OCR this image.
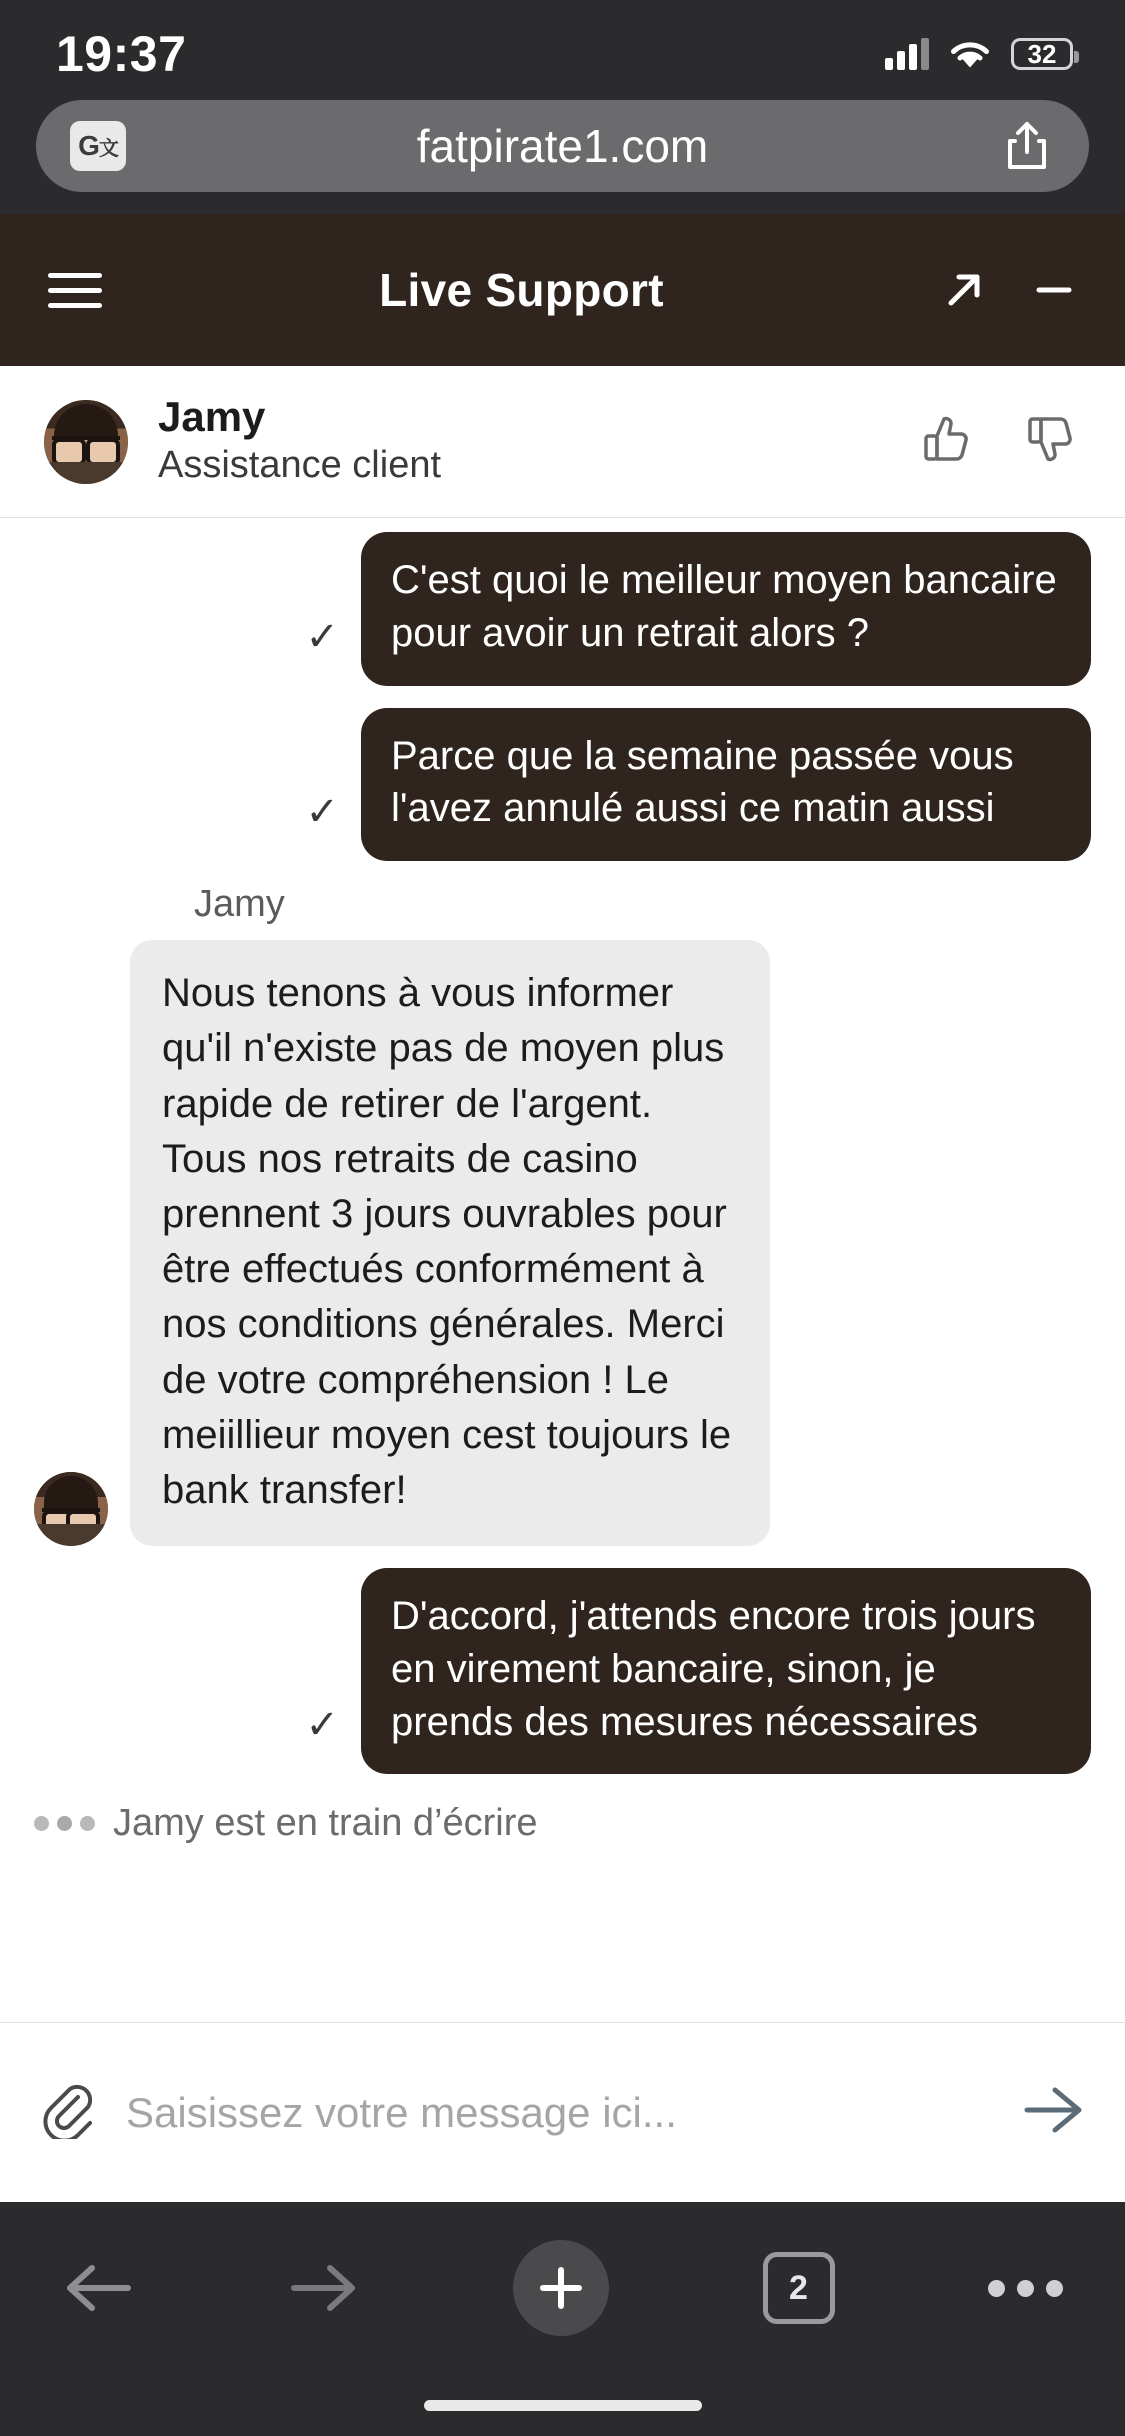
19:37	32
G 文	fatpirate1.com
Live Support
Jamy
Assistance client
✓
C'est quoi le meilleur moyen bancaire pour avoir un retrait alors ?
✓
Parce que la semaine passée vous l'avez annulé aussi ce matin aussi
Jamy
Nous tenons à vous informer qu'il n'existe pas de moyen plus rapide de retirer de l'argent. Tous nos retraits de casino prennent 3 jours ouvrables pour être effectués conformément à nos conditions générales. Merci de votre compréhension ! Le meiillieur moyen cest toujours le bank transfer!
✓
D'accord, j'attends encore trois jours en virement bancaire, sinon, je prends des mesures nécessaires
Jamy est en train d’écrire
Saisissez votre message ici...
2
